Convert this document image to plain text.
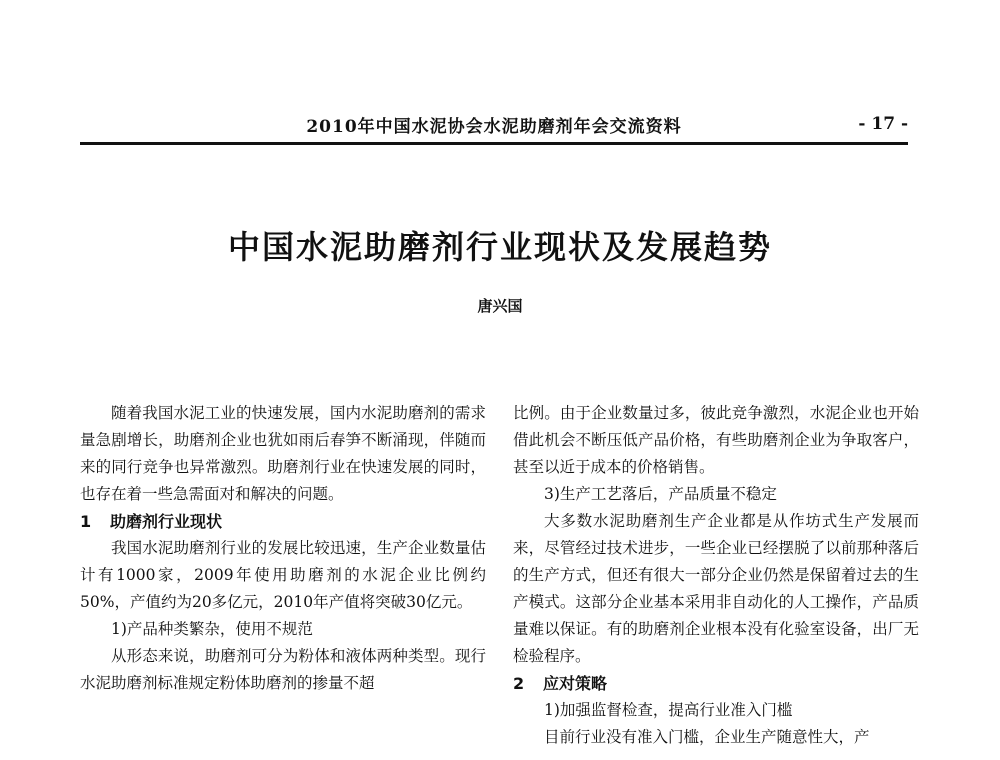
2010年中国水泥协会水泥助磨剂年会交流资料	- 17 -
中国水泥助磨剂行业现状及发展趋势
唐兴国

随着我国水泥工业的快速发展，国内水泥助磨剂的需求量急剧增长，助磨剂企业也犹如雨后春笋不断涌现，伴随而来的同行竞争也异常激烈。助磨剂行业在快速发展的同时，也存在着一些急需面对和解决的问题。

1 助磨剂行业现状

我国水泥助磨剂行业的发展比较迅速，生产企业数量估计有1000家，2009年使用助磨剂的水泥企业比例约50%，产值约为20多亿元，2010年产值将突破30亿元。

1)产品种类繁杂，使用不规范

从形态来说，助磨剂可分为粉体和液体两种类型。现行水泥助磨剂标准规定粉体助磨剂的掺量不超

比例。由于企业数量过多，彼此竞争激烈，水泥企业也开始借此机会不断压低产品价格，有些助磨剂企业为争取客户，甚至以近于成本的价格销售。

3)生产工艺落后，产品质量不稳定

大多数水泥助磨剂生产企业都是从作坊式生产发展而来，尽管经过技术进步，一些企业已经摆脱了以前那种落后的生产方式，但还有很大一部分企业仍然是保留着过去的生产模式。这部分企业基本采用非自动化的人工操作，产品质量难以保证。有的助磨剂企业根本没有化验室设备，出厂无检验程序。

2 应对策略

1)加强监督检查，提高行业准入门槛

目前行业没有准入门槛，企业生产随意性大，产
